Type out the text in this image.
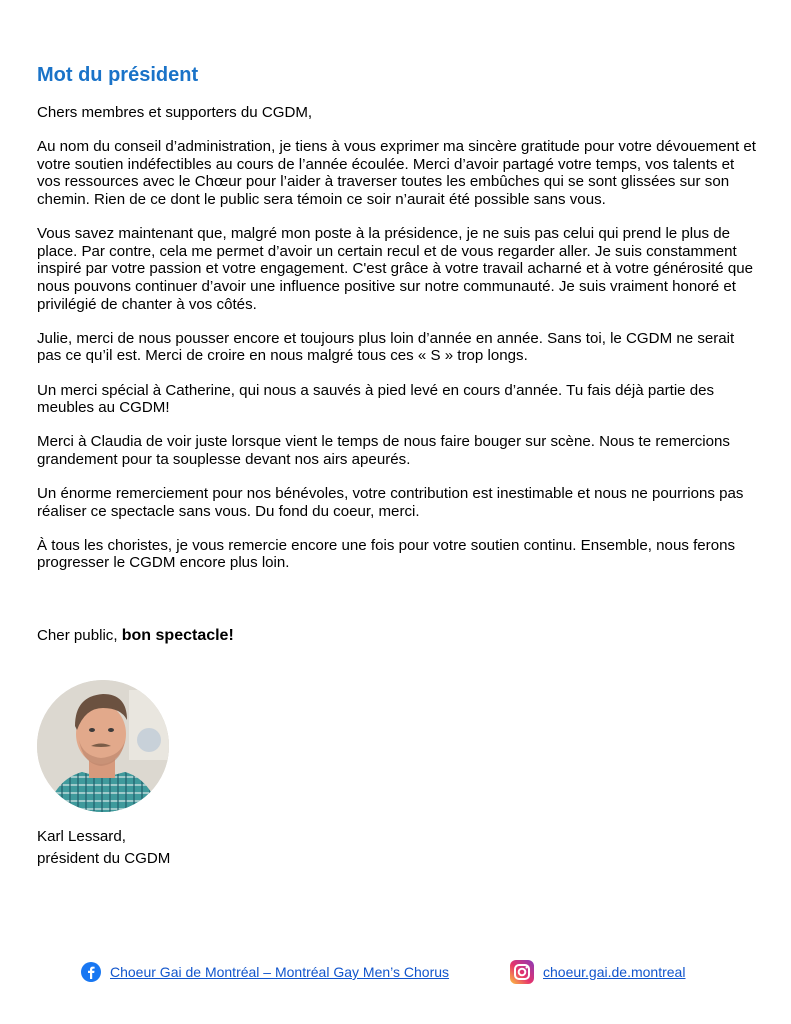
Mot du président

Chers membres et supporters du CGDM,

Au nom du conseil d’administration, je tiens à vous exprimer ma sincère gratitude pour votre dévouement et votre soutien indéfectibles au cours de l’année écoulée. Merci d’avoir partagé votre temps, vos talents et vos ressources avec le Chœur pour l’aider à traverser toutes les embûches qui se sont glissées sur son chemin. Rien de ce dont le public sera témoin ce soir n’aurait été possible sans vous.

Vous savez maintenant que, malgré mon poste à la présidence, je ne suis pas celui qui prend le plus de place. Par contre, cela me permet d’avoir un certain recul et de vous regarder aller. Je suis constamment inspiré par votre passion et votre engagement. C'est grâce à votre travail acharné et à votre générosité que nous pouvons continuer d’avoir une influence positive sur notre communauté. Je suis vraiment honoré et privilégié de chanter à vos côtés.

Julie, merci de nous pousser encore et toujours plus loin d’année en année. Sans toi, le CGDM ne serait pas ce qu’il est. Merci de croire en nous malgré tous ces « S » trop longs.

Un merci spécial à Catherine, qui nous a sauvés à pied levé en cours d’année. Tu fais déjà partie des meubles au CGDM!

Merci à Claudia de voir juste lorsque vient le temps de nous faire bouger sur scène. Nous te remercions grandement pour ta souplesse devant nos airs apeurés.

Un énorme remerciement pour nos bénévoles, votre contribution est inestimable et nous ne pourrions pas réaliser ce spectacle sans vous. Du fond du coeur, merci.

À tous les choristes, je vous remercie encore une fois pour votre soutien continu. Ensemble, nous ferons progresser le CGDM encore plus loin.

Cher public, bon spectacle!

Karl Lessard,
président du CGDM
Choeur Gai de Montréal – Montréal Gay Men’s Chorus	choeur.gai.de.montreal
